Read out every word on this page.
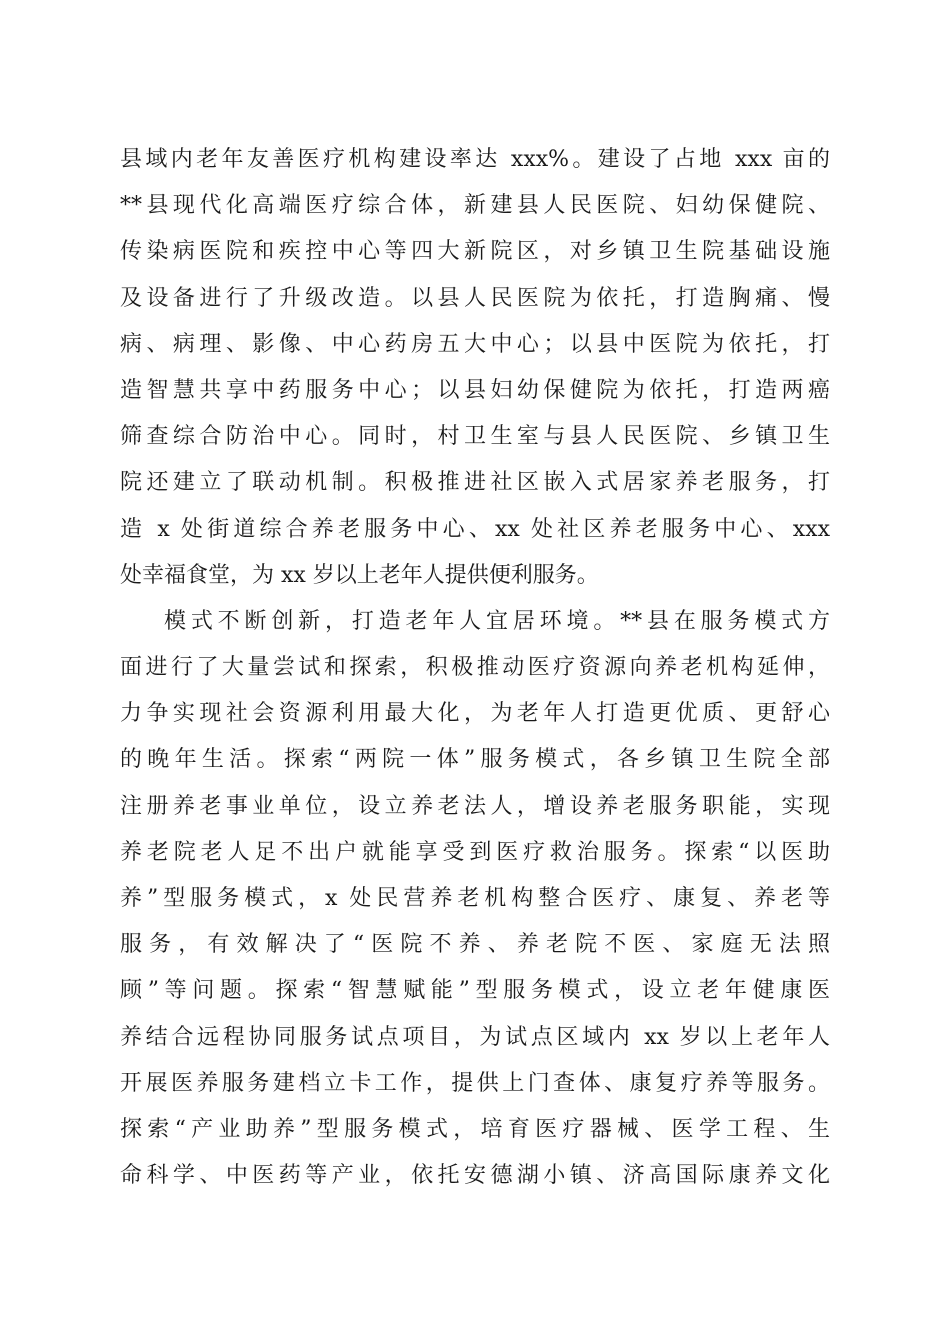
县域内老年友善医疗机构建设率达 xxx%。建设了占地 xxx 亩的
**县现代化高端医疗综合体，新建县人民医院、妇幼保健院、
传染病医院和疾控中心等四大新院区，对乡镇卫生院基础设施
及设备进行了升级改造。以县人民医院为依托，打造胸痛、慢
病、病理、影像、中心药房五大中心；以县中医院为依托，打
造智慧共享中药服务中心；以县妇幼保健院为依托，打造两癌
筛查综合防治中心。同时，村卫生室与县人民医院、乡镇卫生
院还建立了联动机制。积极推进社区嵌入式居家养老服务，打
造 x 处街道综合养老服务中心、xx 处社区养老服务中心、xxx
处幸福食堂，为 xx 岁以上老年人提供便利服务。
模式不断创新，打造老年人宜居环境。**县在服务模式方
面进行了大量尝试和探索，积极推动医疗资源向养老机构延伸，
力争实现社会资源利用最大化，为老年人打造更优质、更舒心
的晚年生活。探索“两院一体”服务模式，各乡镇卫生院全部
注册养老事业单位，设立养老法人，增设养老服务职能，实现
养老院老人足不出户就能享受到医疗救治服务。探索“以医助
养”型服务模式，x 处民营养老机构整合医疗、康复、养老等
服务，有效解决了“医院不养、养老院不医、家庭无法照
顾”等问题。探索“智慧赋能”型服务模式，设立老年健康医
养结合远程协同服务试点项目，为试点区域内 xx 岁以上老年人
开展医养服务建档立卡工作，提供上门查体、康复疗养等服务。
探索“产业助养”型服务模式，培育医疗器械、医学工程、生
命科学、中医药等产业，依托安德湖小镇、济高国际康养文化
